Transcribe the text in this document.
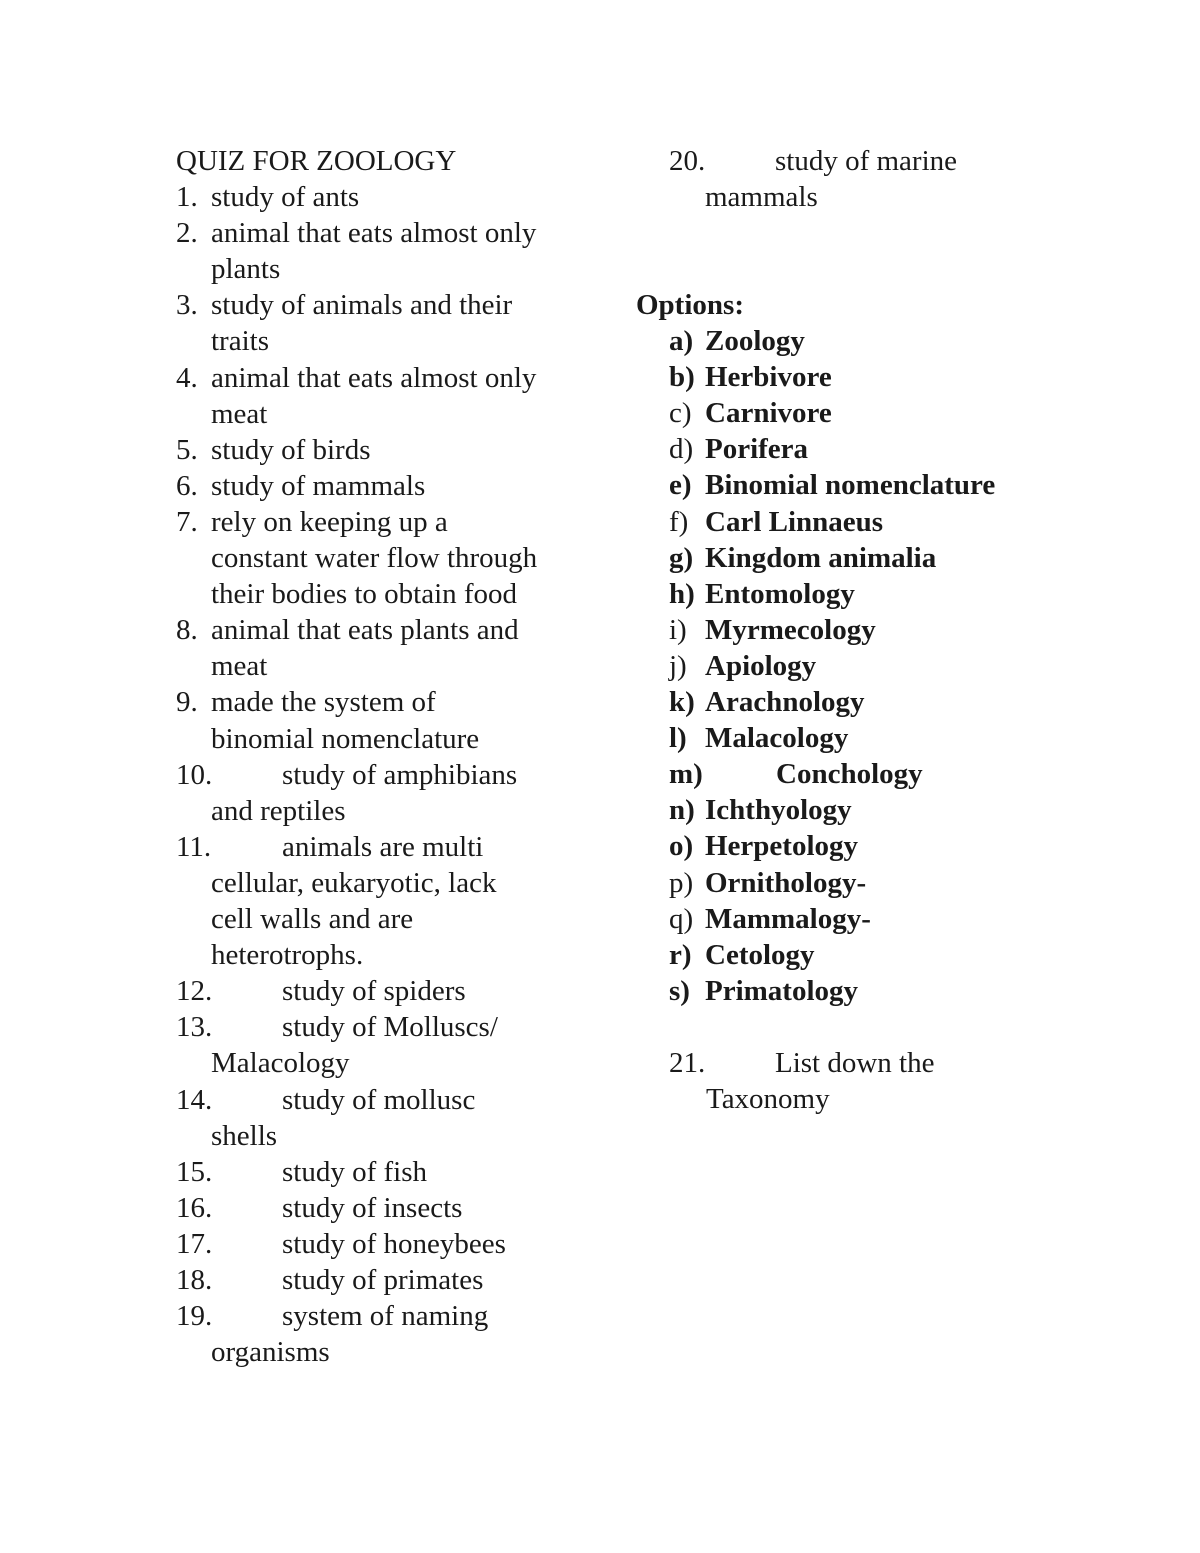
QUIZ FOR ZOOLOGY
1. study of ants
2. animal that eats almost only
plants
3. study of animals and their
traits
4. animal that eats almost only
meat
5. study of birds
6. study of mammals
7. rely on keeping up a
constant water flow through
their bodies to obtain food
8. animal that eats plants and
meat
9. made the system of
binomial nomenclature
10. study of amphibians
and reptiles
11. animals are multi
cellular, eukaryotic, lack
cell walls and are
heterotrophs.
12. study of spiders
13. study of Molluscs/
Malacology
14. study of mollusc
shells
15. study of fish
16. study of insects
17. study of honeybees
18. study of primates
19. system of naming
organisms
Options:
20. study of marine
mammals
a) Zoology
b) Herbivore
c) Carnivore
d) Porifera
e) Binomial nomenclature
f) Carl Linnaeus
g) Kingdom animalia
h) Entomology
i) Myrmecology
j) Apiology
k) Arachnology
l) Malacology
m)	Conchology
n) Ichthyology
o) Herpetology
p) Ornithology-
q) Mammalogy-
r) Cetology
s) Primatology
21. List down the
Taxonomy
